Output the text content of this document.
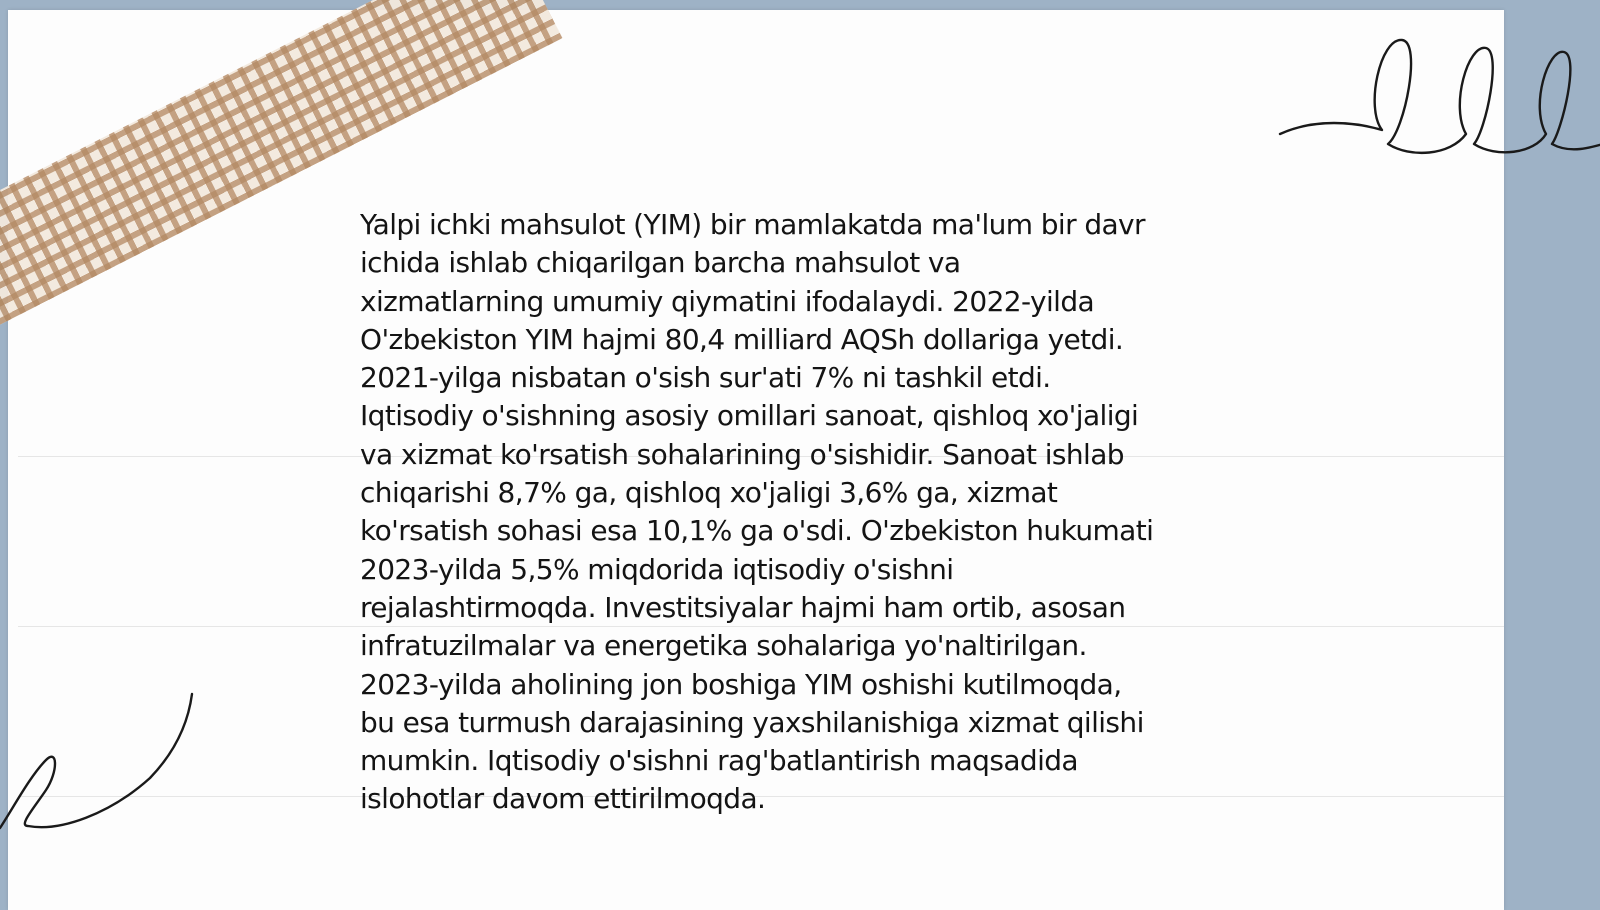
Yalpi ichki mahsulot (YIM) bir mamlakatda ma'lum bir davr
ichida ishlab chiqarilgan barcha mahsulot va
xizmatlarning umumiy qiymatini ifodalaydi. 2022-yilda
O'zbekiston YIM hajmi 80,4 milliard AQSh dollariga yetdi.
2021-yilga nisbatan o'sish sur'ati 7% ni tashkil etdi.
Iqtisodiy o'sishning asosiy omillari sanoat, qishloq xo'jaligi
va xizmat ko'rsatish sohalarining o'sishidir. Sanoat ishlab
chiqarishi 8,7% ga, qishloq xo'jaligi 3,6% ga, xizmat
ko'rsatish sohasi esa 10,1% ga o'sdi. O'zbekiston hukumati
2023-yilda 5,5% miqdorida iqtisodiy o'sishni
rejalashtirmoqda. Investitsiyalar hajmi ham ortib, asosan
infratuzilmalar va energetika sohalariga yo'naltirilgan.
2023-yilda aholining jon boshiga YIM oshishi kutilmoqda,
bu esa turmush darajasining yaxshilanishiga xizmat qilishi
mumkin. Iqtisodiy o'sishni rag'batlantirish maqsadida
islohotlar davom ettirilmoqda.
